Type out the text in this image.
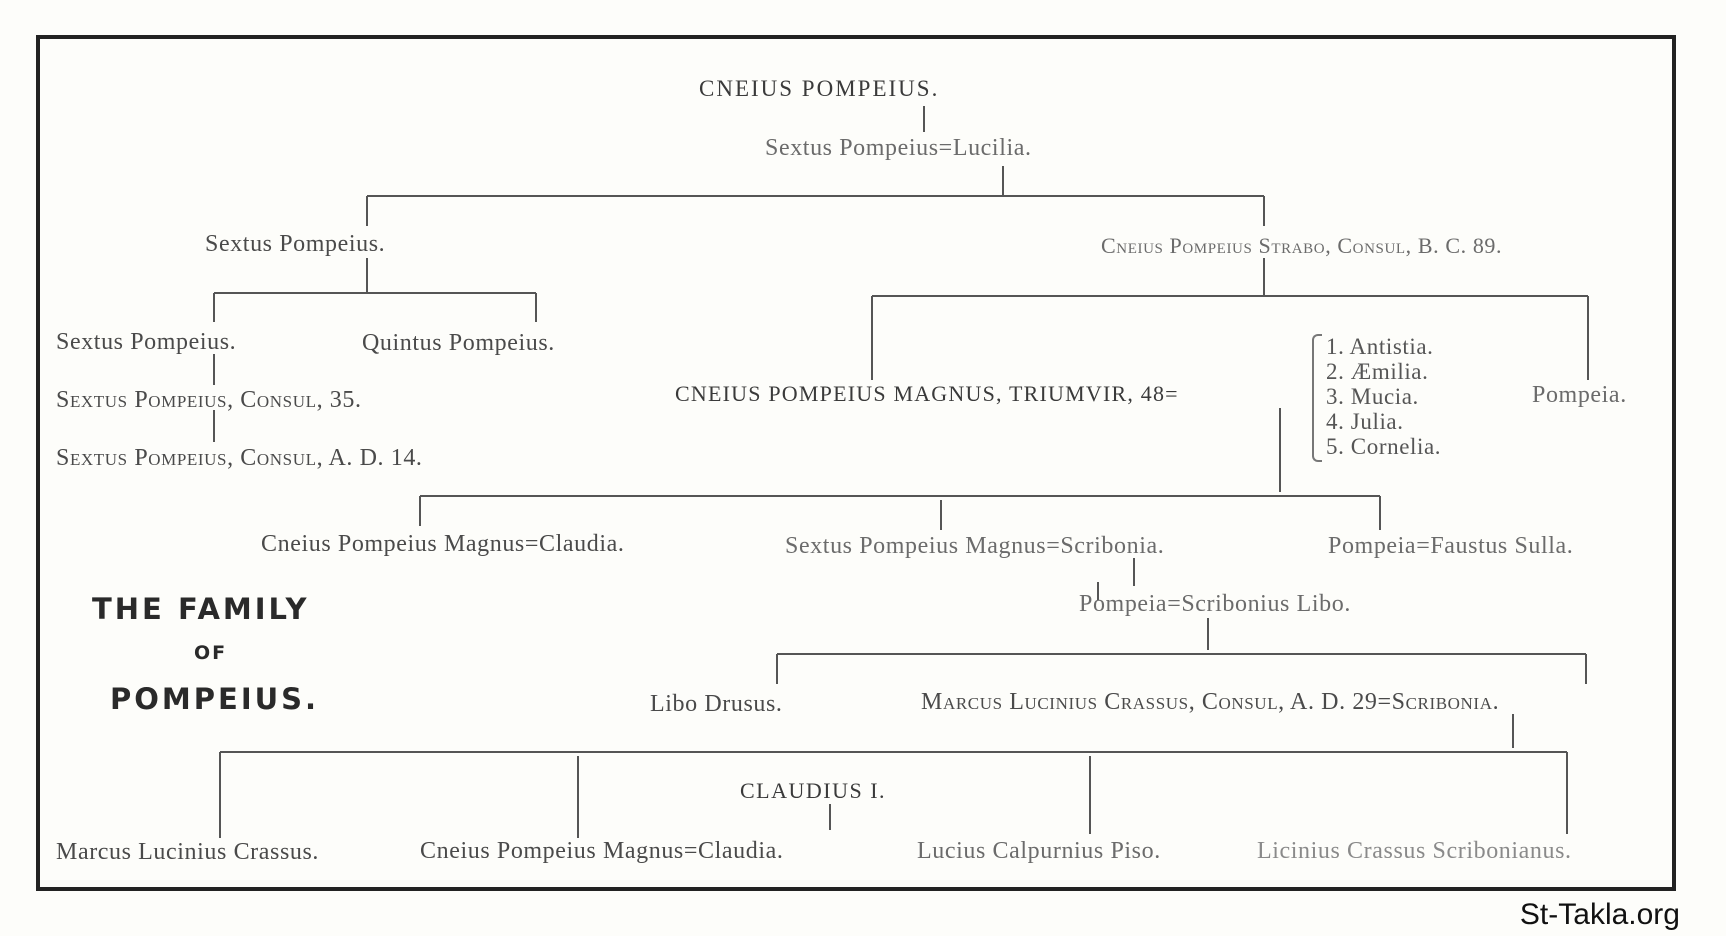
THE FAMILY
OF
POMPEIUS.
CNEIUS POMPEIUS.
Sextus Pompeius=Lucilia.
Sextus Pompeius.	Cneius Pompeius Strabo, Consul, B. C. 89.
Sextus Pompeius.	Quintus Pompeius.
Sextus Pompeius, Consul, 35.
Sextus Pompeius, Consul, A. D. 14.
CNEIUS POMPEIUS MAGNUS, TRIUMVIR, 48=	Pompeia.
1. Antistia.
2. Æmilia.
3. Mucia.
4. Julia.
5. Cornelia.
Cneius Pompeius Magnus=Claudia.	Sextus Pompeius Magnus=Scribonia.	Pompeia=Faustus Sulla.
Pompeia=Scribonius Libo.
Libo Drusus.	Marcus Lucinius Crassus, Consul, A. D. 29=Scribonia.
CLAUDIUS I.
Marcus Lucinius Crassus.	Cneius Pompeius Magnus=Claudia.	Lucius Calpurnius Piso.	Licinius Crassus Scribonianus.
St-Takla.org
